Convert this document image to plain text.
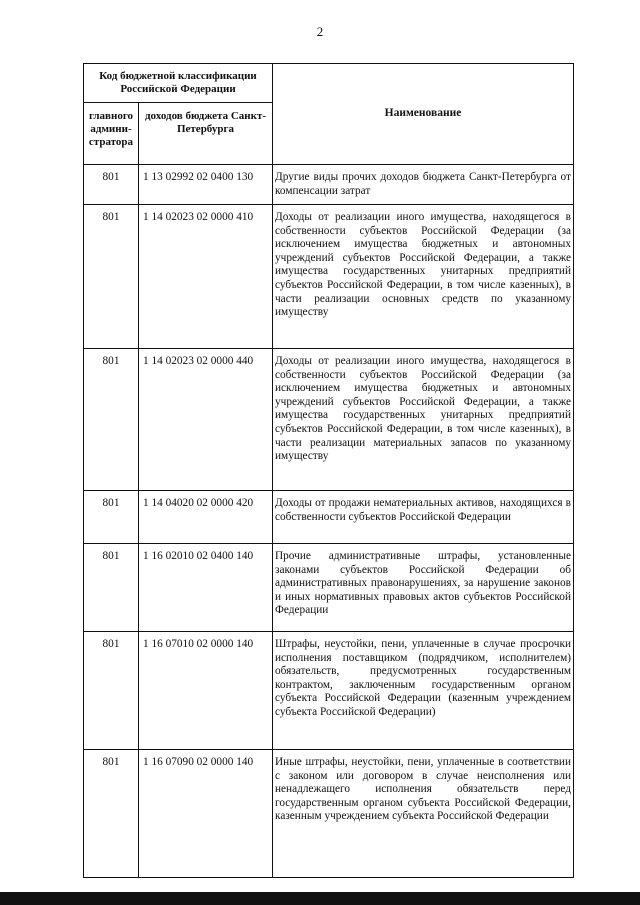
2
Код бюджетной классификации Российской Федерации		Наименование
главного админи-стратора	доходов бюджета Санкт-Петербурга	
801	1 13 02992 02 0400 130	Другие виды прочих доходов бюджета Санкт-Петербурга от компенсации затрат

801	1 14 02023 02 0000 410	Доходы от реализации иного имущества, находящегося в собственности субъектов Российской Федерации (за исключением имущества бюджетных и автономных учреждений субъектов Российской Федерации, а также имущества государственных унитарных предприятий субъектов Российской Федерации, в том числе казенных), в части реализации основных средств по указанному имуществу

801	1 14 02023 02 0000 440	Доходы от реализации иного имущества, находящегося в собственности субъектов Российской Федерации (за исключением имущества бюджетных и автономных учреждений субъектов Российской Федерации, а также имущества государственных унитарных предприятий субъектов Российской Федерации, в том числе казенных), в части реализации материальных запасов по указанному имуществу

801	1 14 04020 02 0000 420	Доходы от продажи нематериальных активов, находящихся в собственности субъектов Российской Федерации

801	1 16 02010 02 0400 140	Прочие административные штрафы, установленные законами субъектов Российской Федерации об административных правонарушениях, за нарушение законов и иных нормативных правовых актов субъектов Российской Федерации

801	1 16 07010 02 0000 140	Штрафы, неустойки, пени, уплаченные в случае просрочки исполнения поставщиком (подрядчиком, исполнителем) обязательств, предусмотренных государственным контрактом, заключенным государственным органом субъекта Российской Федерации (казенным учреждением субъекта Российской Федерации)

801	1 16 07090 02 0000 140	Иные штрафы, неустойки, пени, уплаченные в соответствии с законом или договором в случае неисполнения или ненадлежащего исполнения обязательств перед государственным органом субъекта Российской Федерации, казенным учреждением субъекта Российской Федерации
